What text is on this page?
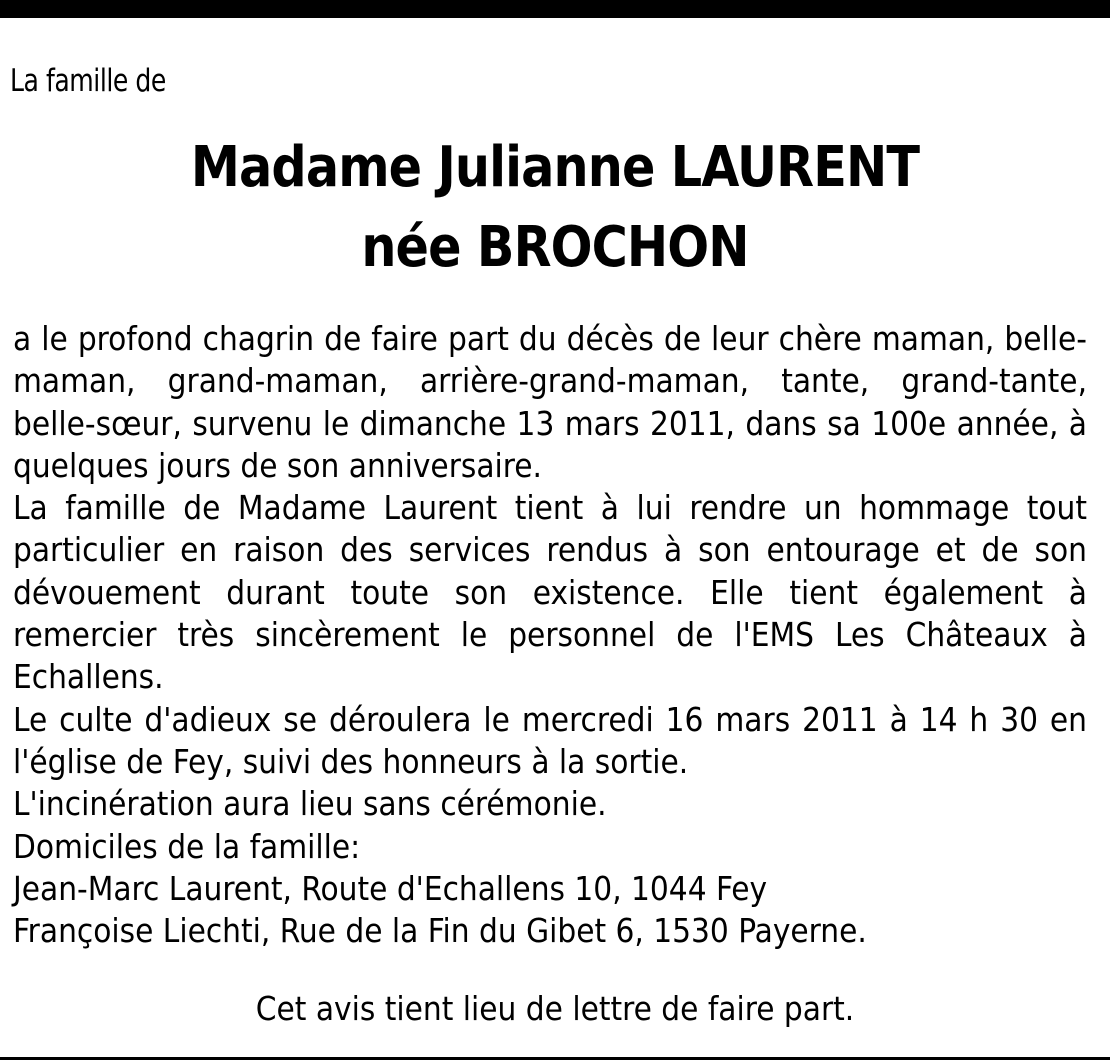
La famille de
Madame Julianne LAURENT
née BROCHON

a le profond chagrin de faire part du décès de leur chère maman, belle-maman, grand-maman, arrière-grand-maman, tante, grand-tante, belle-sœur, survenu le dimanche 13 mars 2011, dans sa 100e année, à quelques jours de son anniversaire.

La famille de Madame Laurent tient à lui rendre un hommage tout particulier en raison des services rendus à son entourage et de son dévouement durant toute son existence. Elle tient également à remercier très sincèrement le personnel de l'EMS Les Châteaux à Echallens.

Le culte d'adieux se déroulera le mercredi 16 mars 2011 à 14 h 30 en l'église de Fey, suivi des honneurs à la sortie.

L'incinération aura lieu sans cérémonie.
Domiciles de la famille:
Jean-Marc Laurent, Route d'Echallens 10, 1044 Fey
Françoise Liechti, Rue de la Fin du Gibet 6, 1530 Payerne.
Cet avis tient lieu de lettre de faire part.
